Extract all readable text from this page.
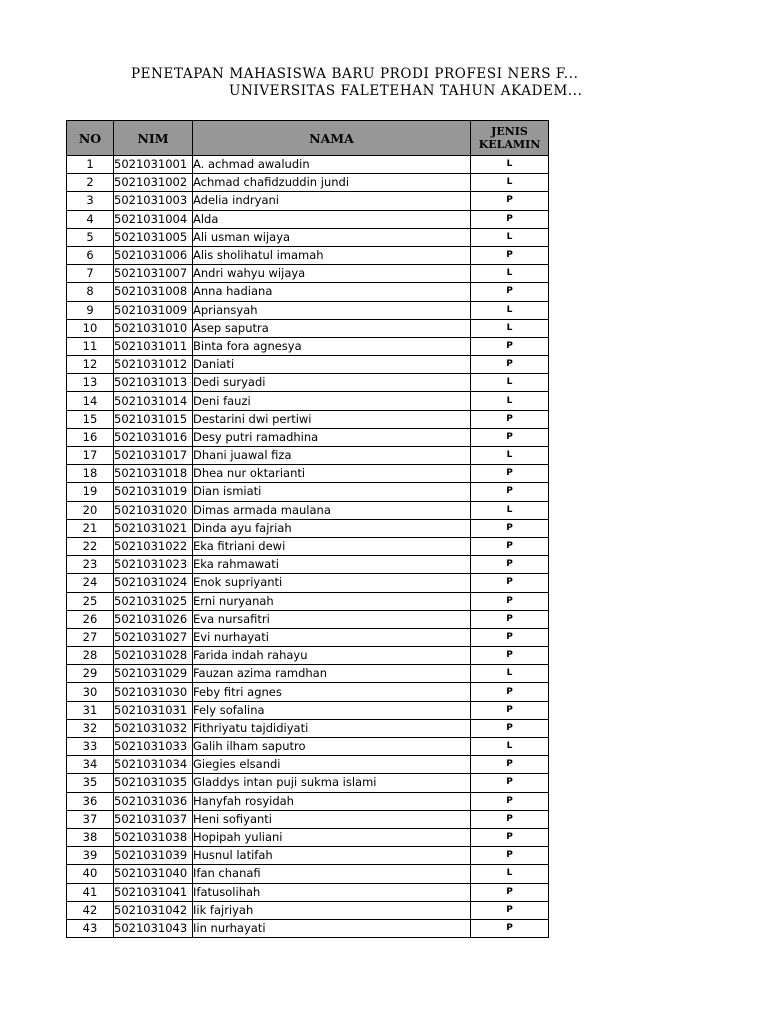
PENETAPAN MAHASISWA BARU PRODI PROFESI NERS F...
UNIVERSITAS FALETEHAN TAHUN AKADEM...
NO	NIM	NAMA	JENIS
KELAMIN
1	5021031001	A. achmad awaludin	L
2	5021031002	Achmad chafidzuddin jundi	L
3	5021031003	Adelia indryani	P
4	5021031004	Alda	P
5	5021031005	Ali usman wijaya	L
6	5021031006	Alis sholihatul imamah	P
7	5021031007	Andri wahyu wijaya	L
8	5021031008	Anna hadiana	P
9	5021031009	Apriansyah	L
10	5021031010	Asep saputra	L
11	5021031011	Binta fora agnesya	P
12	5021031012	Daniati	P
13	5021031013	Dedi suryadi	L
14	5021031014	Deni fauzi	L
15	5021031015	Destarini dwi pertiwi	P
16	5021031016	Desy putri ramadhina	P
17	5021031017	Dhani juawal fiza	L
18	5021031018	Dhea nur oktarianti	P
19	5021031019	Dian ismiati	P
20	5021031020	Dimas armada maulana	L
21	5021031021	Dinda ayu fajriah	P
22	5021031022	Eka fitriani dewi	P
23	5021031023	Eka rahmawati	P
24	5021031024	Enok supriyanti	P
25	5021031025	Erni nuryanah	P
26	5021031026	Eva nursafitri	P
27	5021031027	Evi nurhayati	P
28	5021031028	Farida indah rahayu	P
29	5021031029	Fauzan azima ramdhan	L
30	5021031030	Feby fitri agnes	P
31	5021031031	Fely sofalina	P
32	5021031032	Fithriyatu tajdidiyati	P
33	5021031033	Galih ilham saputro	L
34	5021031034	Giegies elsandi	P
35	5021031035	Gladdys intan puji sukma islami	P
36	5021031036	Hanyfah rosyidah	P
37	5021031037	Heni sofiyanti	P
38	5021031038	Hopipah yuliani	P
39	5021031039	Husnul latifah	P
40	5021031040	Ifan chanafi	L
41	5021031041	Ifatusolihah	P
42	5021031042	Iik fajriyah	P
43	5021031043	Iin nurhayati	P
